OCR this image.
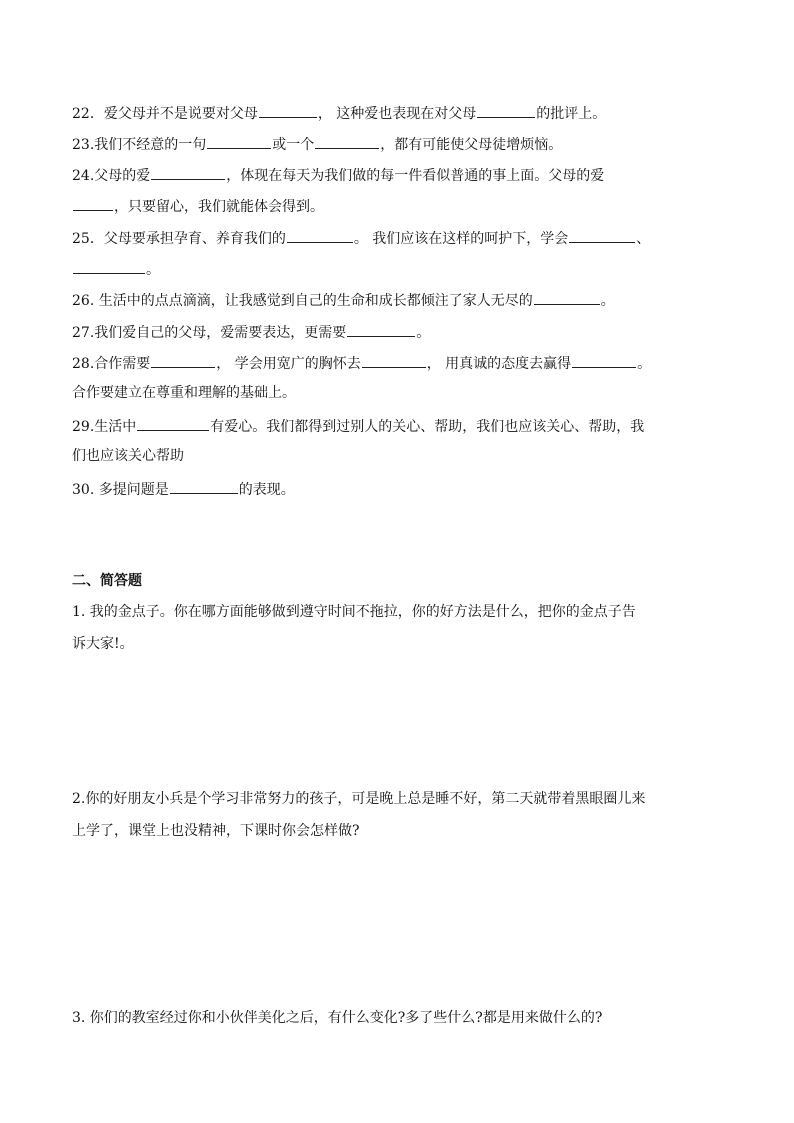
22．爱父母并不是说要对父母	， 这种爱也表现在对父母	的批评上。
23.我们不经意的一句	或一个	，都有可能使父母徒增烦恼。
24.父母的爱	，体现在每天为我们做的每一件看似普通的事上面。父母的爱
，只要留心，我们就能体会得到。
25．父母要承担孕育、养育我们的	。 我们应该在这样的呵护下，学会	、
。
26. 生活中的点点滴滴，让我感觉到自己的生命和成长都倾注了家人无尽的	。
27.我们爱自己的父母，爱需要表达，更需要	。
28.合作需要	， 学会用宽广的胸怀去	， 用真诚的态度去赢得	。
合作要建立在尊重和理解的基础上。
29.生活中	有爱心。我们都得到过别人的关心、帮助，我们也应该关心、帮助，我
们也应该关心帮助
30. 多提问题是	的表现。
二、简答题
1. 我的金点子。你在哪方面能够做到遵守时间不拖拉，你的好方法是什么，把你的金点子告
诉大家!。
2.你的好朋友小兵是个学习非常努力的孩子，可是晚上总是睡不好，第二天就带着黑眼圈儿来
上学了，课堂上也没精神，下课时你会怎样做?
3. 你们的教室经过你和小伙伴美化之后，有什么变化?多了些什么?都是用来做什么的?
